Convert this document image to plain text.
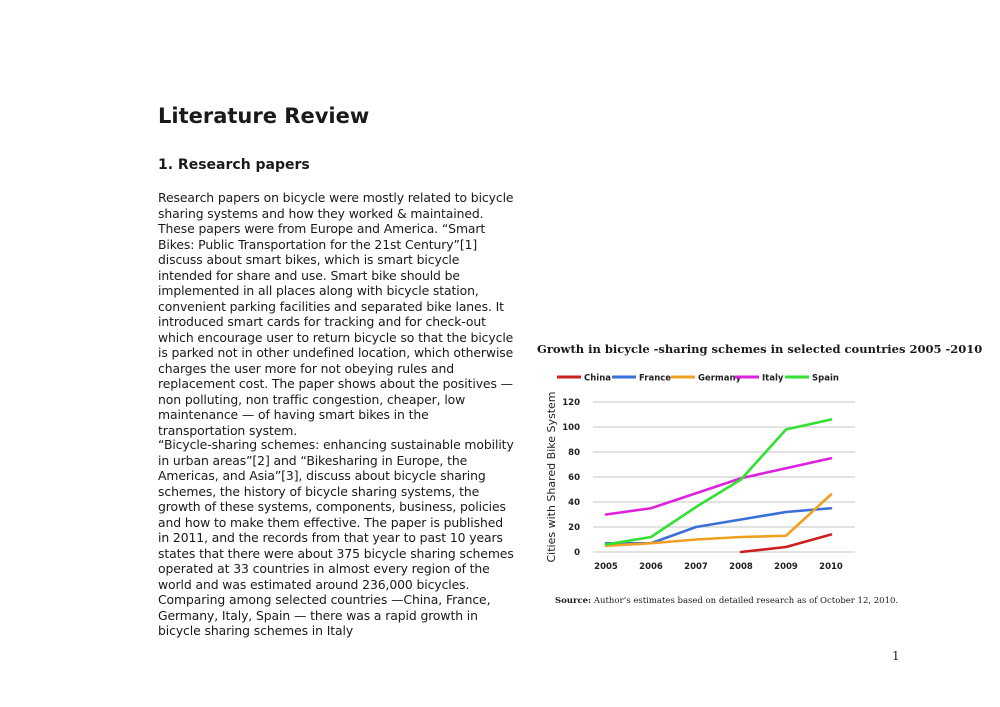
Literature Review
1. Research papers

Research papers on bicycle were mostly related to bicycle sharing systems and how they worked & maintained. These papers were from Europe and America. “Smart Bikes: Public Transportation for the 21st Century”[1] discuss about smart bikes, which is smart bicycle intended for share and use. Smart bike should be implemented in all places along with bicycle station, convenient parking facilities and separated bike lanes. It introduced smart cards for tracking and for check-out which encourage user to return bicycle so that the bicycle is parked not in other undefined location, which otherwise charges the user more for not obeying rules and replacement cost. The paper shows about the positives — non polluting, non traffic congestion, cheaper, low maintenance — of having smart bikes in the transportation system.

“Bicycle-sharing schemes: enhancing sustainable mobility in urban areas”[2] and “Bikesharing in Europe, the Americas, and Asia”[3], discuss about bicycle sharing schemes, the history of bicycle sharing systems, the growth of these systems, components, business, policies and how to make them effective. The paper is published in 2011, and the records from that year to past 10 years states that there were about 375 bicycle sharing schemes operated at 33 countries in almost every region of the world and was estimated around 236,000 bicycles. Comparing among selected countries —China, France, Germany, Italy, Spain — there was a rapid growth in bicycle sharing schemes in Italy

Growth in bicycle -sharing schemes in selected countries 2005 -2010

China	France	Germany Italy	Spain
0
20
40
60
80
100
120
2005	2006	2007	2008	2009	2010
Cities with Shared Bike System

Source: Author’s estimates based on detailed research as of October 12, 2010.

1
